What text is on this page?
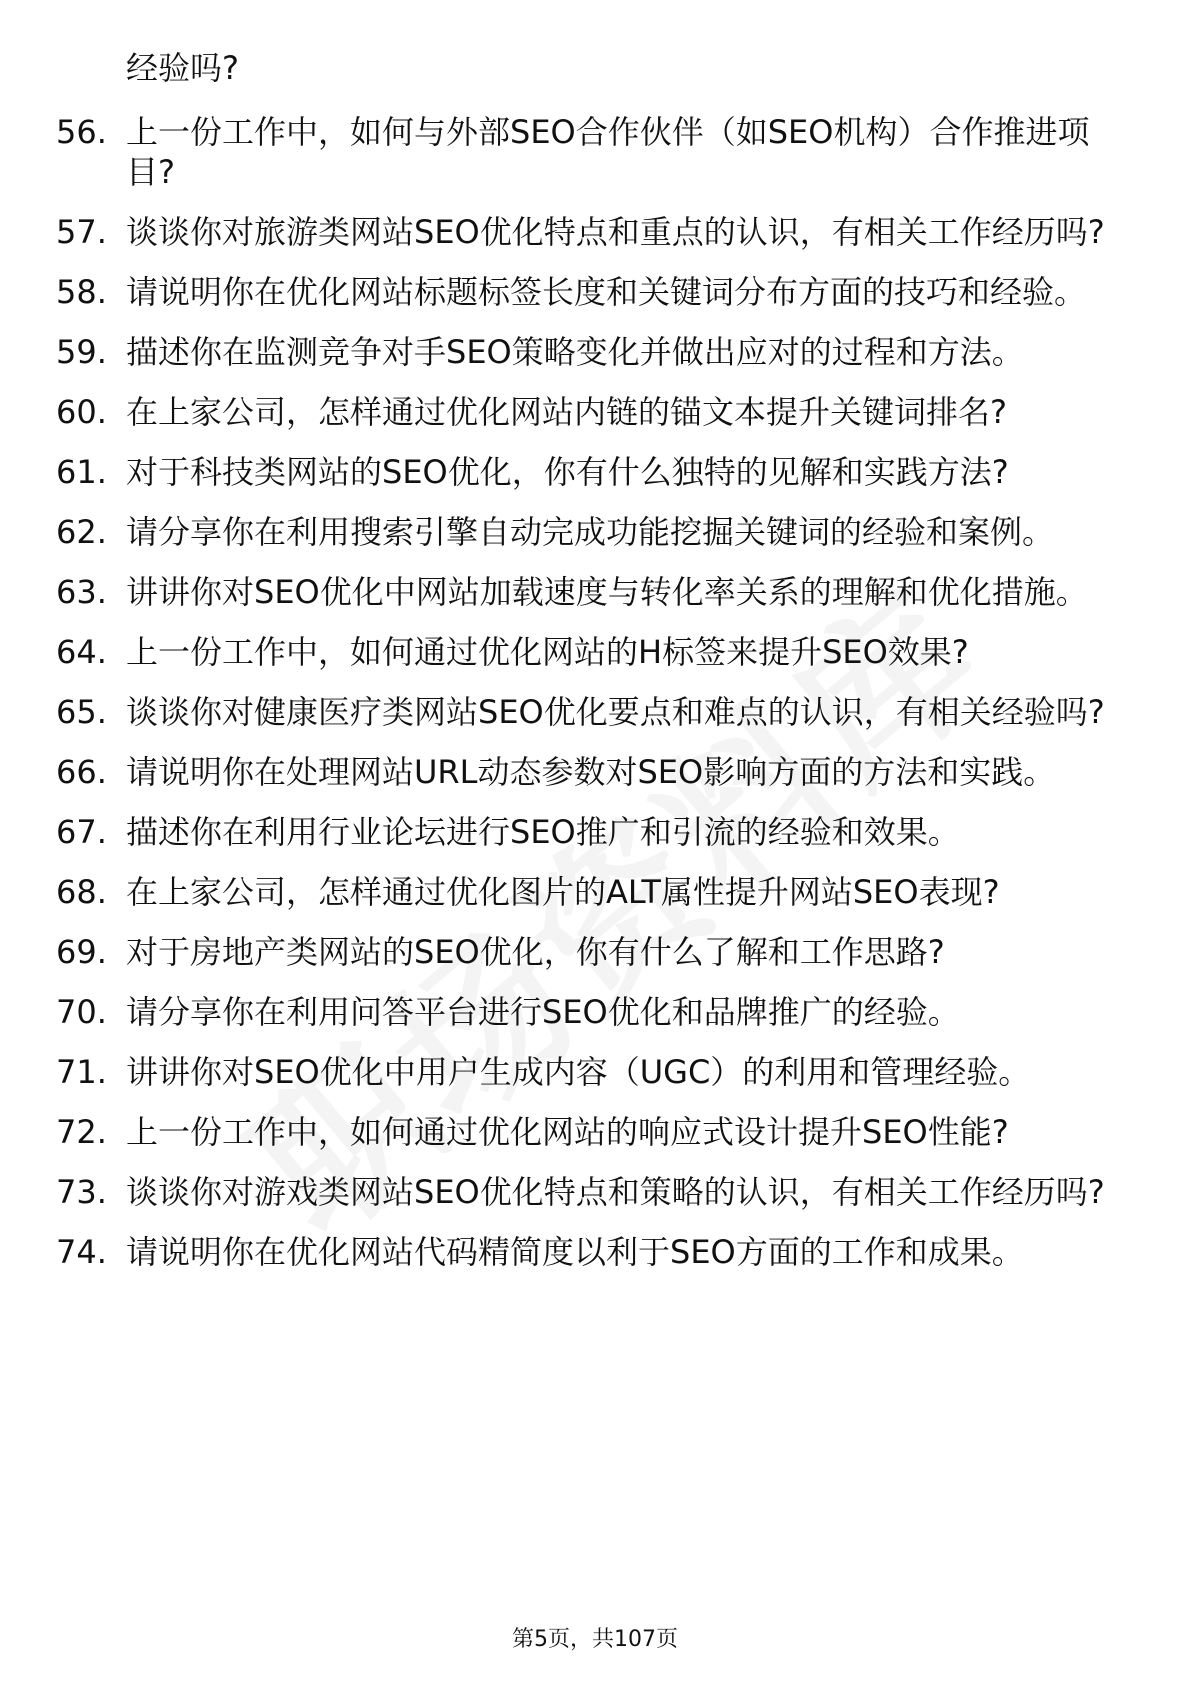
经验吗?
56. 上一份工作中，如何与外部SEO合作伙伴（如SEO机构）合作推进项目?
57. 谈谈你对旅游类网站SEO优化特点和重点的认识，有相关工作经历吗?
58. 请说明你在优化网站标题标签长度和关键词分布方面的技巧和经验。
59. 描述你在监测竞争对手SEO策略变化并做出应对的过程和方法。
60. 在上家公司，怎样通过优化网站内链的锚文本提升关键词排名?
61. 对于科技类网站的SEO优化，你有什么独特的见解和实践方法?
62. 请分享你在利用搜索引擎自动完成功能挖掘关键词的经验和案例。
63. 讲讲你对SEO优化中网站加载速度与转化率关系的理解和优化措施。
64. 上一份工作中，如何通过优化网站的H标签来提升SEO效果?
65. 谈谈你对健康医疗类网站SEO优化要点和难点的认识，有相关经验吗?
66. 请说明你在处理网站URL动态参数对SEO影响方面的方法和实践。
67. 描述你在利用行业论坛进行SEO推广和引流的经验和效果。
68. 在上家公司，怎样通过优化图片的ALT属性提升网站SEO表现?
69. 对于房地产类网站的SEO优化，你有什么了解和工作思路?
70. 请分享你在利用问答平台进行SEO优化和品牌推广的经验。
71. 讲讲你对SEO优化中用户生成内容（UGC）的利用和管理经验。
72. 上一份工作中，如何通过优化网站的响应式设计提升SEO性能?
73. 谈谈你对游戏类网站SEO优化特点和策略的认识，有相关工作经历吗?
74. 请说明你在优化网站代码精简度以利于SEO方面的工作和成果。
第5页，共107页
